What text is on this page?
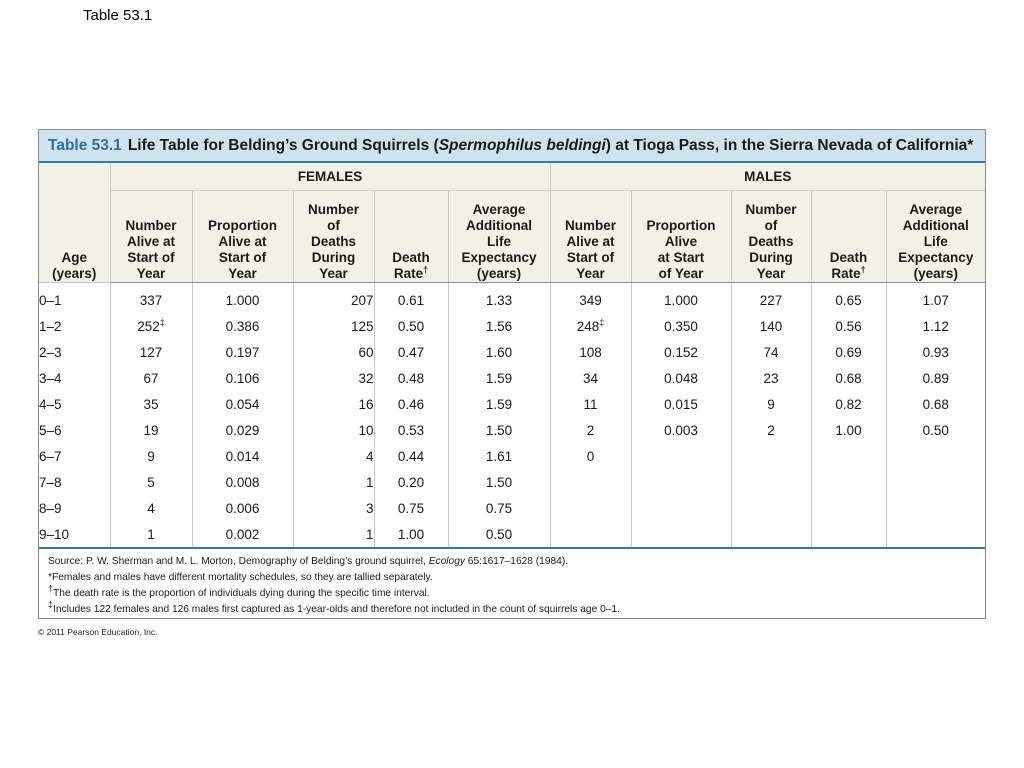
Table 53.1
Table 53.1 Life Table for Belding’s Ground Squirrels ( Spermophilus beldingi ) at Tioga Pass, in the Sierra Nevada of California*
Age
(years)	FEMALES					MALES				
	Number
Alive at
Start of
Year	Proportion
Alive at
Start of
Year	Number
of
Deaths
During
Year	Death
Rate†	Average
Additional
Life
Expectancy
(years)	Number
Alive at
Start of
Year	Proportion
Alive
at Start
of Year	Number
of
Deaths
During
Year	Death
Rate†	Average
Additional
Life
Expectancy
(years)
0–1	337	1.000	207	0.61	1.33	349	1.000	227	0.65	1.07
1–2	252‡	0.386	125	0.50	1.56	248‡	0.350	140	0.56	1.12
2–3	127	0.197	60	0.47	1.60	108	0.152	74	0.69	0.93
3–4	67	0.106	32	0.48	1.59	34	0.048	23	0.68	0.89
4–5	35	0.054	16	0.46	1.59	11	0.015	9	0.82	0.68
5–6	19	0.029	10	0.53	1.50	2	0.003	2	1.00	0.50
6–7	9	0.014	4	0.44	1.61	0				
7–8	5	0.008	1	0.20	1.50					
8–9	4	0.006	3	0.75	0.75					
9–10	1	0.002	1	1.00	0.50					
Source: P. W. Sherman and M. L. Morton, Demography of Belding’s ground squirrel, Ecology 65:1617–1628 (1984).
*Females and males have different mortality schedules, so they are tallied separately.
†The death rate is the proportion of individuals dying during the specific time interval.
‡Includes 122 females and 126 males first captured as 1-year-olds and therefore not included in the count of squirrels age 0–1.
© 2011 Pearson Education, Inc.
